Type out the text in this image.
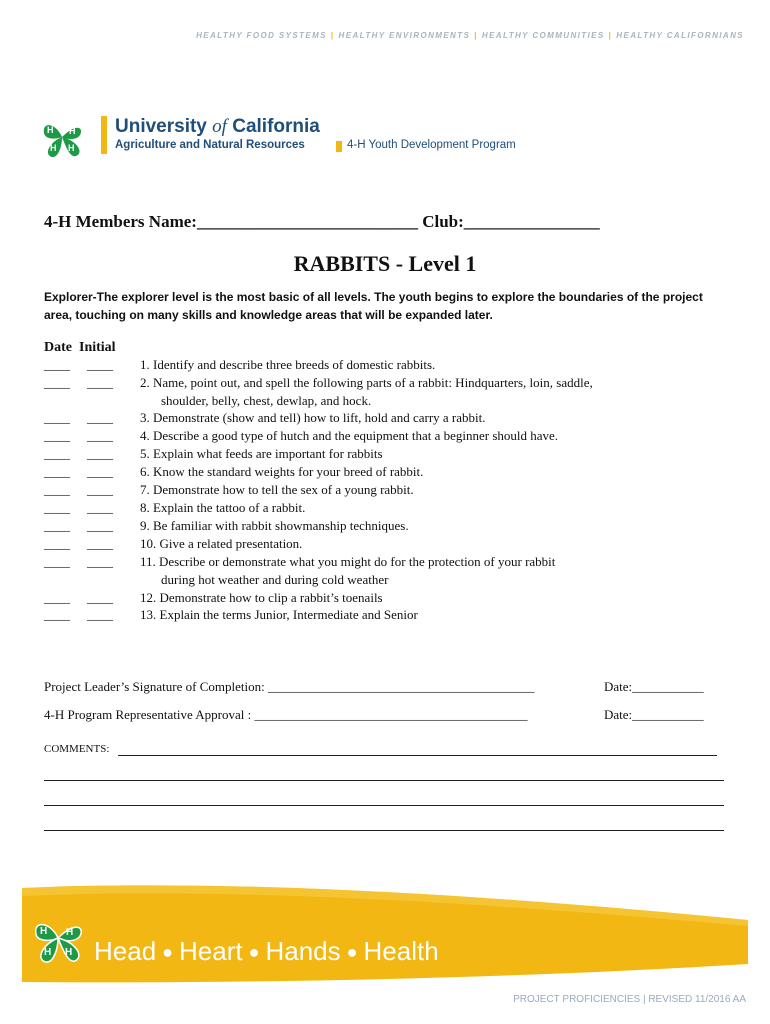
HEALTHY FOOD SYSTEMS | HEALTHY ENVIRONMENTS | HEALTHY COMMUNITIES | HEALTHY CALIFORNIANS
H H
H H
University of California
Agriculture and Natural Resources	4-H Youth Development Program
4-H Members Name:__________________________ Club:________________
RABBITS - Level 1
Explorer-The explorer level is the most basic of all levels. The youth begins to explore the boundaries of the project area, touching on many skills and knowledge areas that will be expanded later.
Date Initial
____ ____ 1. Identify and describe three breeds of domestic rabbits.
____ ____ 2. Name, point out, and spell the following parts of a rabbit: Hindquarters, loin, saddle,
shoulder, belly, chest, dewlap, and hock.
____ ____ 3. Demonstrate (show and tell) how to lift, hold and carry a rabbit.
____ ____ 4. Describe a good type of hutch and the equipment that a beginner should have.
____ ____ 5. Explain what feeds are important for rabbits
____ ____ 6. Know the standard weights for your breed of rabbit.
____ ____ 7. Demonstrate how to tell the sex of a young rabbit.
____ ____ 8. Explain the tattoo of a rabbit.
____ ____ 9. Be familiar with rabbit showmanship techniques.
____ ____ 10. Give a related presentation.
____ ____ 11. Describe or demonstrate what you might do for the protection of your rabbit
during hot weather and during cold weather
____ ____ 12. Demonstrate how to clip a rabbit’s toenails
____ ____ 13. Explain the terms Junior, Intermediate and Senior
Project Leader’s Signature of Completion: _________________________________________	Date:___________
4-H Program Representative Approval : __________________________________________	Date:___________
COMMENTS:
H H
H H Head ● Heart ● Hands ● Health
PROJECT PROFICIENCIES | REVISED 11/2016 AA
